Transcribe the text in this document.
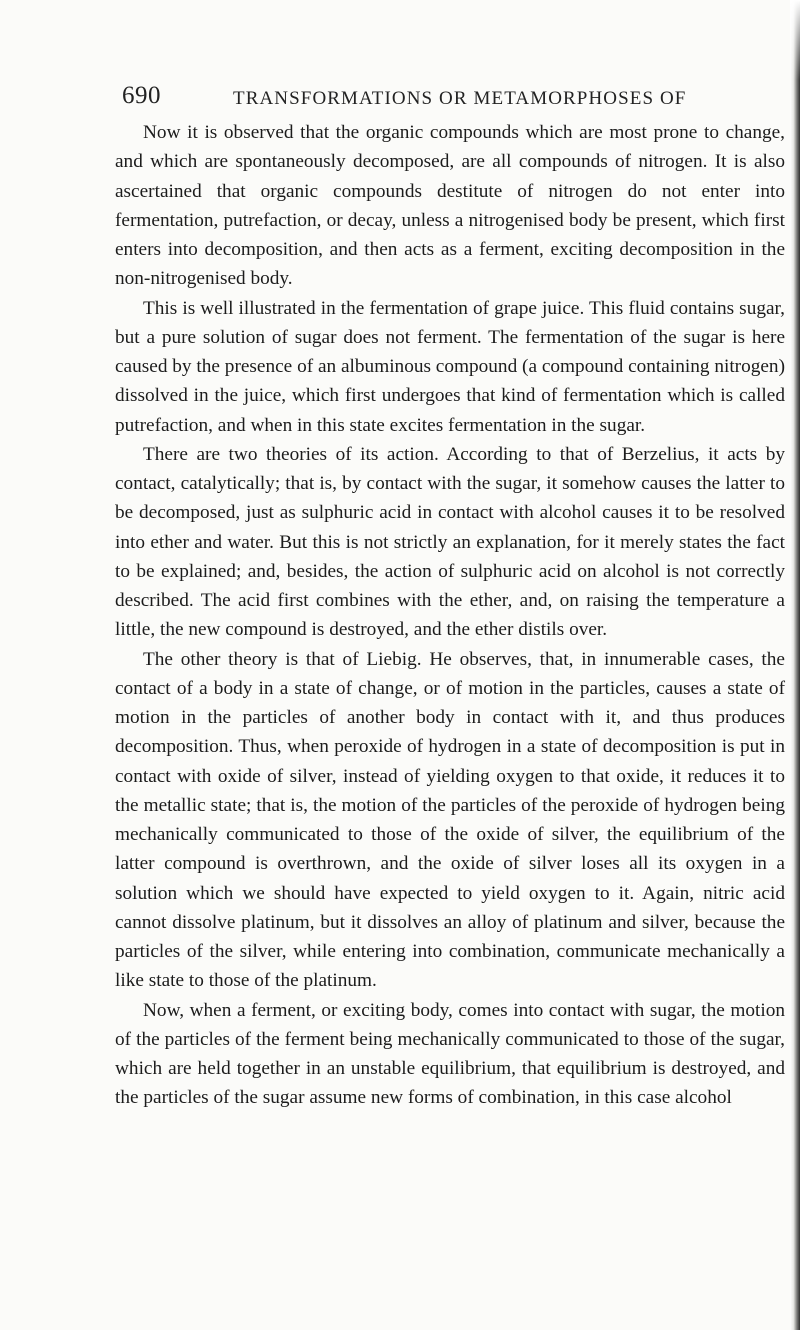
690	TRANSFORMATIONS OR METAMORPHOSES OF

Now it is observed that the organic compounds which are most prone to change, and which are spontaneously decomposed, are all compounds of nitrogen. It is also ascertained that organic compounds destitute of nitrogen do not enter into fermentation, putrefaction, or decay, unless a nitrogenised body be present, which first enters into decomposition, and then acts as a ferment, exciting decomposition in the non-nitrogenised body.

This is well illustrated in the fermentation of grape juice. This fluid contains sugar, but a pure solution of sugar does not ferment. The fermentation of the sugar is here caused by the presence of an albuminous compound (a compound containing nitrogen) dissolved in the juice, which first undergoes that kind of fermentation which is called putrefaction, and when in this state excites fermentation in the sugar.

There are two theories of its action. According to that of Berzelius, it acts by contact, catalytically; that is, by contact with the sugar, it somehow causes the latter to be decomposed, just as sulphuric acid in contact with alcohol causes it to be resolved into ether and water. But this is not strictly an explanation, for it merely states the fact to be explained; and, besides, the action of sulphuric acid on alcohol is not correctly described. The acid first combines with the ether, and, on raising the temperature a little, the new compound is destroyed, and the ether distils over.

The other theory is that of Liebig. He observes, that, in innumerable cases, the contact of a body in a state of change, or of motion in the particles, causes a state of motion in the particles of another body in contact with it, and thus produces decomposition. Thus, when peroxide of hydrogen in a state of decomposition is put in contact with oxide of silver, instead of yielding oxygen to that oxide, it reduces it to the metallic state; that is, the motion of the particles of the peroxide of hydrogen being mechanically communicated to those of the oxide of silver, the equilibrium of the latter compound is overthrown, and the oxide of silver loses all its oxygen in a solution which we should have expected to yield oxygen to it. Again, nitric acid cannot dissolve platinum, but it dissolves an alloy of platinum and silver, because the particles of the silver, while entering into combination, communicate mechanically a like state to those of the platinum.

Now, when a ferment, or exciting body, comes into contact with sugar, the motion of the particles of the ferment being mechanically communicated to those of the sugar, which are held together in an unstable equilibrium, that equilibrium is destroyed, and the particles of the sugar assume new forms of combination, in this case alcohol
